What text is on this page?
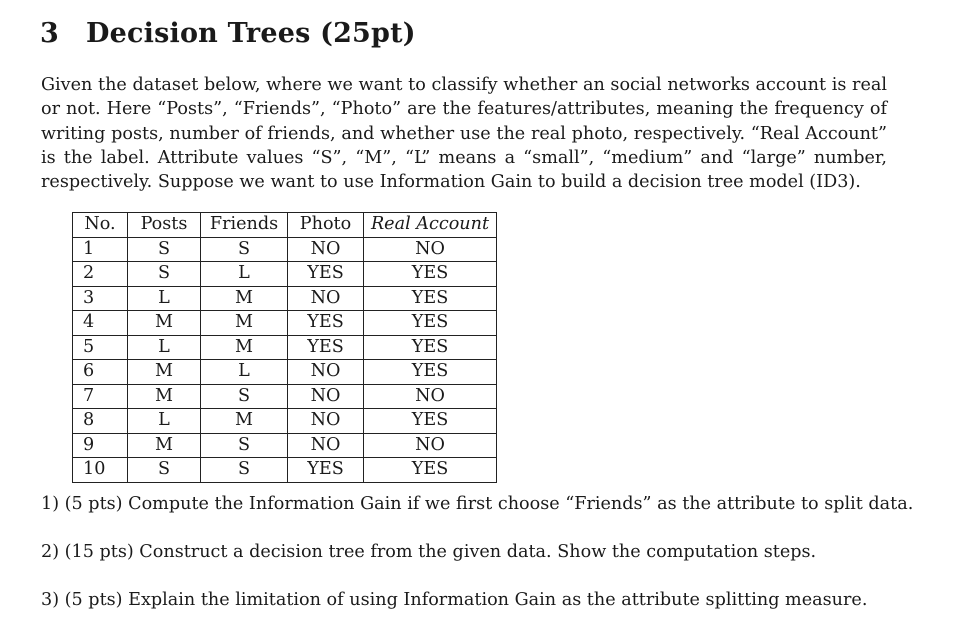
3 Decision Trees (25pt)

Given the dataset below, where we want to classify whether an social networks account is real or not. Here “Posts”, “Friends”, “Photo” are the features/attributes, meaning the frequency of writing posts, number of friends, and whether use the real photo, respectively. “Real Account” is the label. Attribute values “S”, “M”, “L” means a “small”, “medium” and “large” number, respectively. Suppose we want to use Information Gain to build a decision tree model (ID3).

No.	Posts	Friends	Photo	Real Account
1	S	S	NO	NO
2	S	L	YES	YES
3	L	M	NO	YES
4	M	M	YES	YES
5	L	M	YES	YES
6	M	L	NO	YES
7	M	S	NO	NO
8	L	M	NO	YES
9	M	S	NO	NO
10	S	S	YES	YES

1) (5 pts) Compute the Information Gain if we first choose “Friends” as the attribute to split data.

2) (15 pts) Construct a decision tree from the given data. Show the computation steps.

3) (5 pts) Explain the limitation of using Information Gain as the attribute splitting measure.
